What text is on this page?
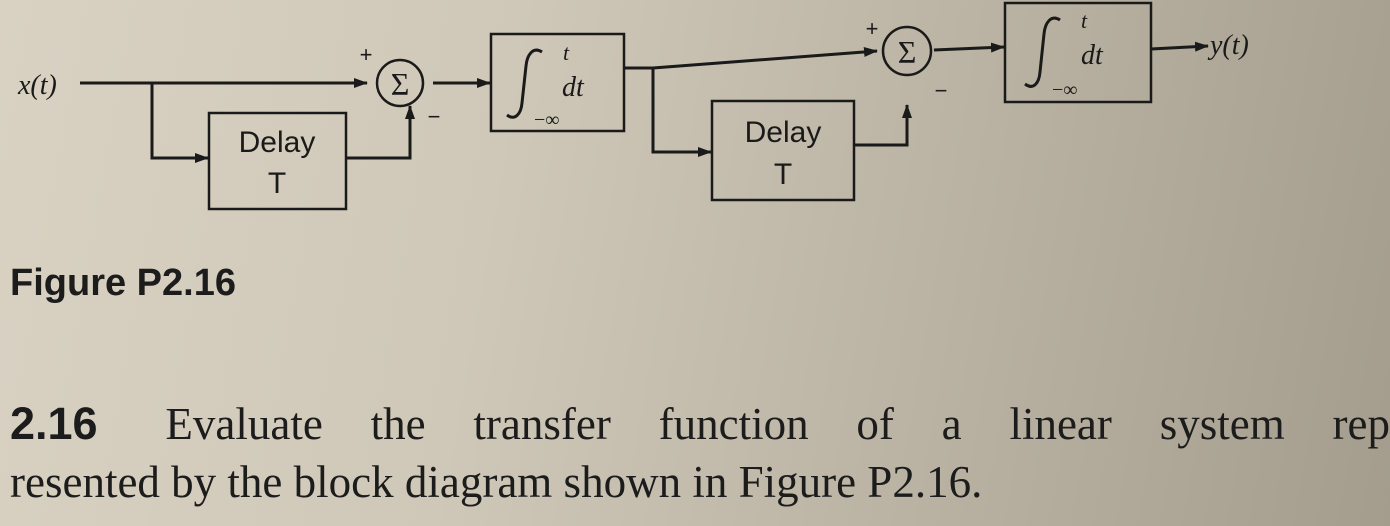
x(t)
Delay
T
Σ
+
−
t
−∞
dt
Delay
T
Σ
+
−
t
−∞
dt	y(t)
Figure P2.16
2.16 Evaluate the transfer function of a linear system rep
resented by the block diagram shown in Figure P2.16.
